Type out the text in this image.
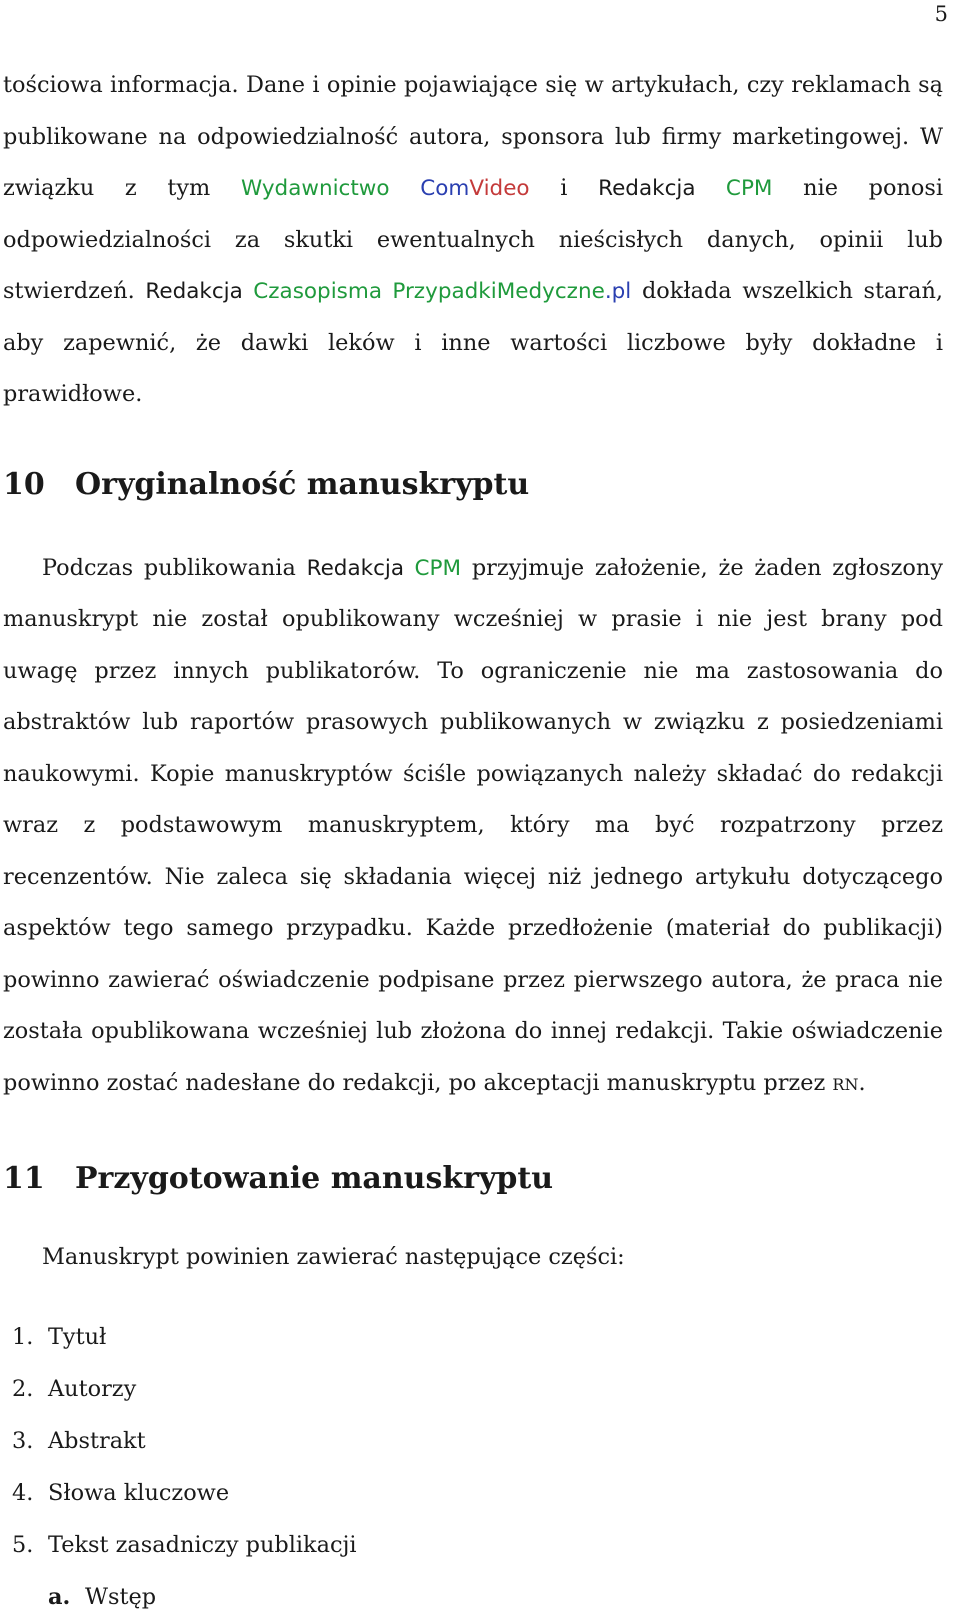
5

tościowa informacja. Dane i opinie pojawiające się w artykułach, czy reklamach są publikowane na odpowiedzialność autora, sponsora lub firmy marketingowej. W związku z tym Wydawnictwo ComVideo i Redakcja CPM nie ponosi odpowiedzialności za skutki ewentualnych nieścisłych danych, opinii lub stwierdzeń. Redakcja Czasopisma PrzypadkiMedyczne.pl dokłada wszelkich starań, aby zapewnić, że dawki leków i inne wartości liczbowe były dokładne i prawidłowe.

10	Oryginalność manuskryptu

Podczas publikowania Redakcja CPM przyjmuje założenie, że żaden zgłoszony manuskrypt nie został opublikowany wcześniej w prasie i nie jest brany pod uwagę przez innych publikatorów. To ograniczenie nie ma zastosowania do abstraktów lub raportów prasowych publikowanych w związku z posiedzeniami naukowymi. Kopie manuskryptów ściśle powiązanych należy składać do redakcji wraz z podstawowym manuskryptem, który ma być rozpatrzony przez recenzentów. Nie zaleca się składania więcej niż jednego artykułu dotyczącego aspektów tego samego przypadku. Każde przedłożenie (materiał do publikacji) powinno zawierać oświadczenie podpisane przez pierwszego autora, że praca nie została opublikowana wcześniej lub złożona do innej redakcji. Takie oświadczenie powinno zostać nadesłane do redakcji, po akceptacji manuskryptu przez rn.

11	Przygotowanie manuskryptu

Manuskrypt powinien zawierać następujące części:

1. Tytuł
2. Autorzy
3. Abstrakt
4. Słowa kluczowe
5. Tekst zasadniczy publikacji
a. Wstęp
